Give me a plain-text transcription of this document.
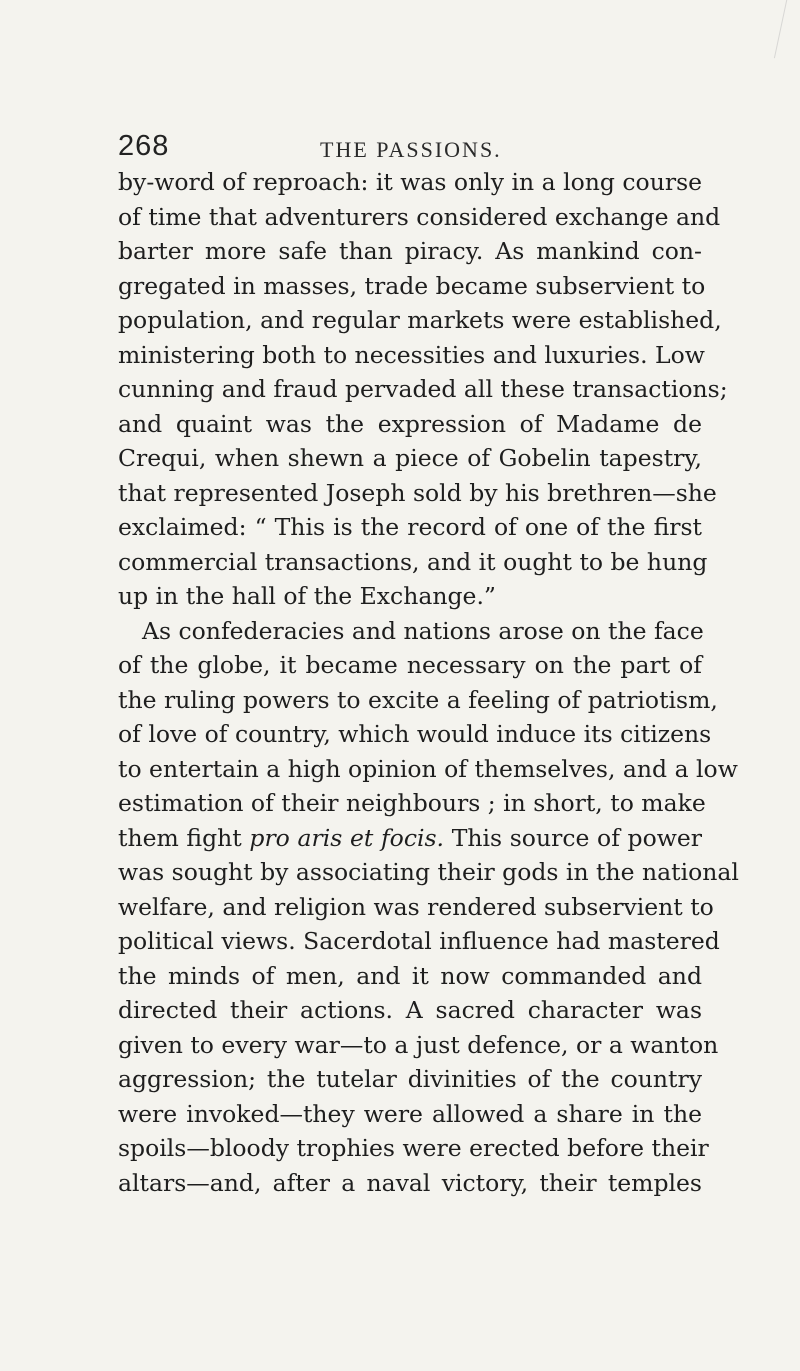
268	THE PASSIONS.
by-word of reproach: it was only in a long course
of time that adventurers considered exchange and
barter more safe than piracy. As mankind con-
gregated in masses, trade became subservient to
population, and regular markets were established,
ministering both to necessities and luxuries. Low
cunning and fraud pervaded all these transactions;
and quaint was the expression of Madame de
Crequi, when shewn a piece of Gobelin tapestry,
that represented Joseph sold by his brethren—she
exclaimed: “ This is the record of one of the first
commercial transactions, and it ought to be hung
up in the hall of the Exchange.”
As confederacies and nations arose on the face
of the globe, it became necessary on the part of
the ruling powers to excite a feeling of patriotism,
of love of country, which would induce its citizens
to entertain a high opinion of themselves, and a low
estimation of their neighbours ; in short, to make
them fight pro aris et focis. This source of power
was sought by associating their gods in the national
welfare, and religion was rendered subservient to
political views. Sacerdotal influence had mastered
the minds of men, and it now commanded and
directed their actions. A sacred character was
given to every war—to a just defence, or a wanton
aggression; the tutelar divinities of the country
were invoked—they were allowed a share in the
spoils—bloody trophies were erected before their
altars—and, after a naval victory, their temples
